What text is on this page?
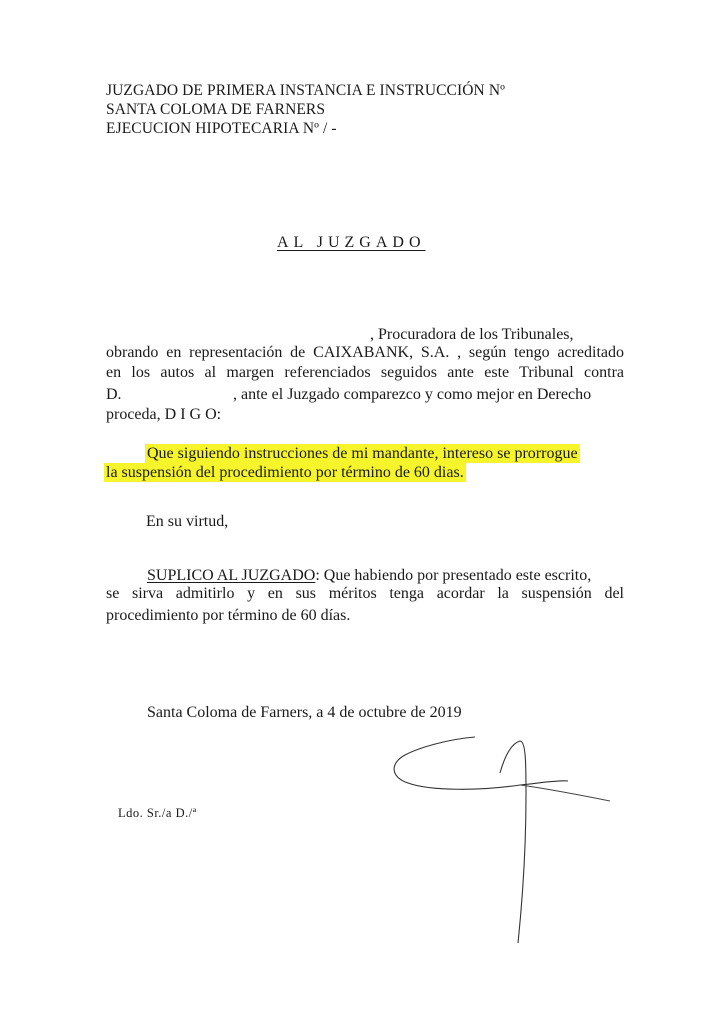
JUZGADO DE PRIMERA INSTANCIA E INSTRUCCIÓN Nº
SANTA COLOMA DE FARNERS
EJECUCION HIPOTECARIA Nº / -
AL JUZGADO
, Procuradora de los Tribunales,
obrando en representación de CAIXABANK, S.A. , según tengo acreditado
en los autos al margen referenciados seguidos ante este Tribunal contra
D.	, ante el Juzgado comparezco y como mejor en Derecho
proceda, D I G O:
Que siguiendo instrucciones de mi mandante, intereso se prorrogue
la suspensión del procedimiento por término de 60 dias.
En su virtud,
SUPLICO AL JUZGADO: Que habiendo por presentado este escrito,
se sirva admitirlo y en sus méritos tenga acordar la suspensión del
procedimiento por término de 60 días.
Santa Coloma de Farners, a 4 de octubre de 2019
Ldo. Sr./a D./ª
